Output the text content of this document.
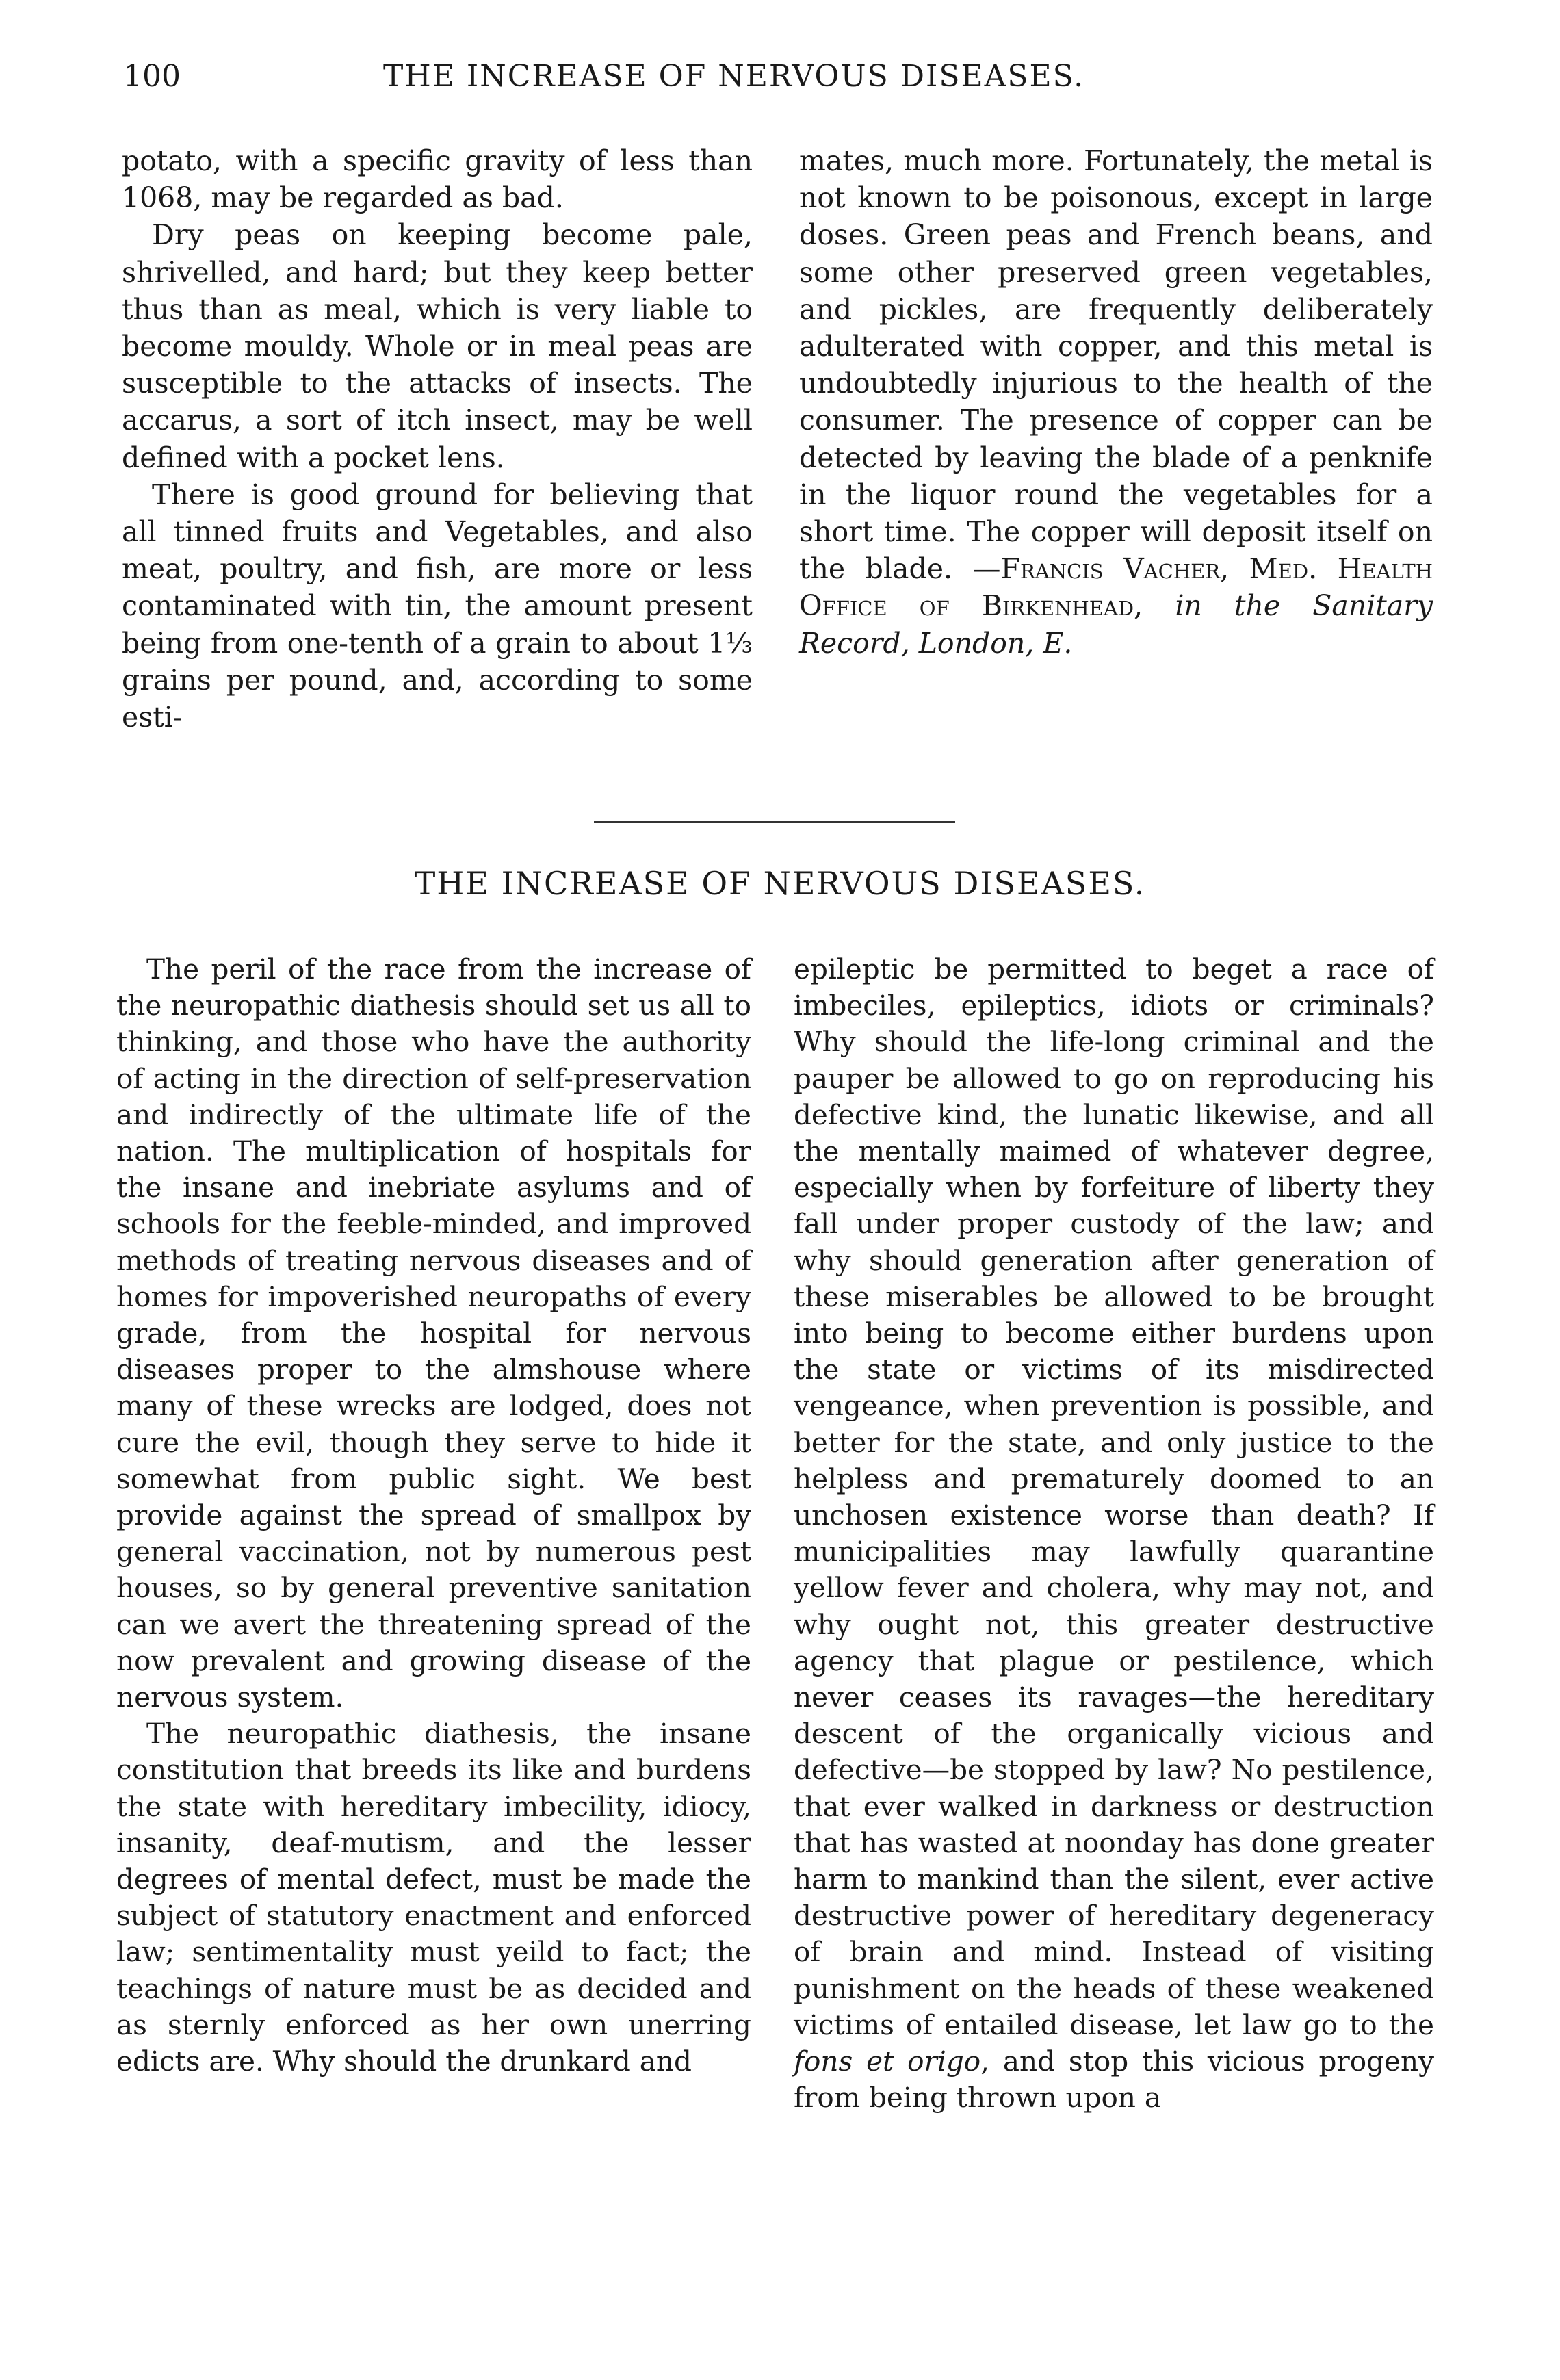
100	THE INCREASE OF NERVOUS DISEASES.

potato, with a specific gravity of less than 1068, may be regarded as bad.

Dry peas on keeping become pale, shrivelled, and hard; but they keep better thus than as meal, which is very liable to become mouldy. Whole or in meal peas are susceptible to the attacks of insects. The accarus, a sort of itch insect, may be well defined with a pocket lens.

There is good ground for believing that all tinned fruits and Vegetables, and also meat, poultry, and fish, are more or less contaminated with tin, the amount present being from one-tenth of a grain to about 1⅓ grains per pound, and, according to some esti-

mates, much more. Fortunately, the metal is not known to be poisonous, except in large doses. Green peas and French beans, and some other preserved green vegetables, and pickles, are frequently deliberately adulterated with copper, and this metal is undoubtedly injurious to the health of the consumer. The presence of copper can be detected by leaving the blade of a penknife in the liquor round the vegetables for a short time. The copper will deposit itself on the blade. —Francis Vacher, Med. Health Office of Birkenhead, in the Sanitary Record, London, E.

THE INCREASE OF NERVOUS DISEASES.

The peril of the race from the increase of the neuropathic diathesis should set us all to thinking, and those who have the authority of acting in the direction of self-preservation and indirectly of the ultimate life of the nation. The multiplication of hospitals for the insane and inebriate asylums and of schools for the feeble-minded, and improved methods of treating nervous diseases and of homes for impoverished neuropaths of every grade, from the hospital for nervous diseases proper to the almshouse where many of these wrecks are lodged, does not cure the evil, though they serve to hide it somewhat from public sight. We best provide against the spread of smallpox by general vaccination, not by numerous pest houses, so by general preventive sanitation can we avert the threatening spread of the now prevalent and growing disease of the nervous system.

The neuropathic diathesis, the insane constitution that breeds its like and burdens the state with hereditary imbecility, idiocy, insanity, deaf-mutism, and the lesser degrees of mental defect, must be made the subject of statutory enactment and enforced law; sentimentality must yeild to fact; the teachings of nature must be as decided and as sternly enforced as her own unerring edicts are. Why should the drunkard and

epileptic be permitted to beget a race of imbeciles, epileptics, idiots or criminals? Why should the life-long criminal and the pauper be allowed to go on reproducing his defective kind, the lunatic likewise, and all the mentally maimed of whatever degree, especially when by forfeiture of liberty they fall under proper custody of the law; and why should generation after generation of these miserables be allowed to be brought into being to become either burdens upon the state or victims of its misdirected vengeance, when prevention is possible, and better for the state, and only justice to the helpless and prematurely doomed to an unchosen existence worse than death? If municipalities may lawfully quarantine yellow fever and cholera, why may not, and why ought not, this greater destructive agency that plague or pestilence, which never ceases its ravages—the hereditary descent of the organically vicious and defective—be stopped by law? No pestilence, that ever walked in darkness or destruction that has wasted at noonday has done greater harm to mankind than the silent, ever active destructive power of hereditary degeneracy of brain and mind. Instead of visiting punishment on the heads of these weakened victims of entailed disease, let law go to the fons et origo, and stop this vicious progeny from being thrown upon a
